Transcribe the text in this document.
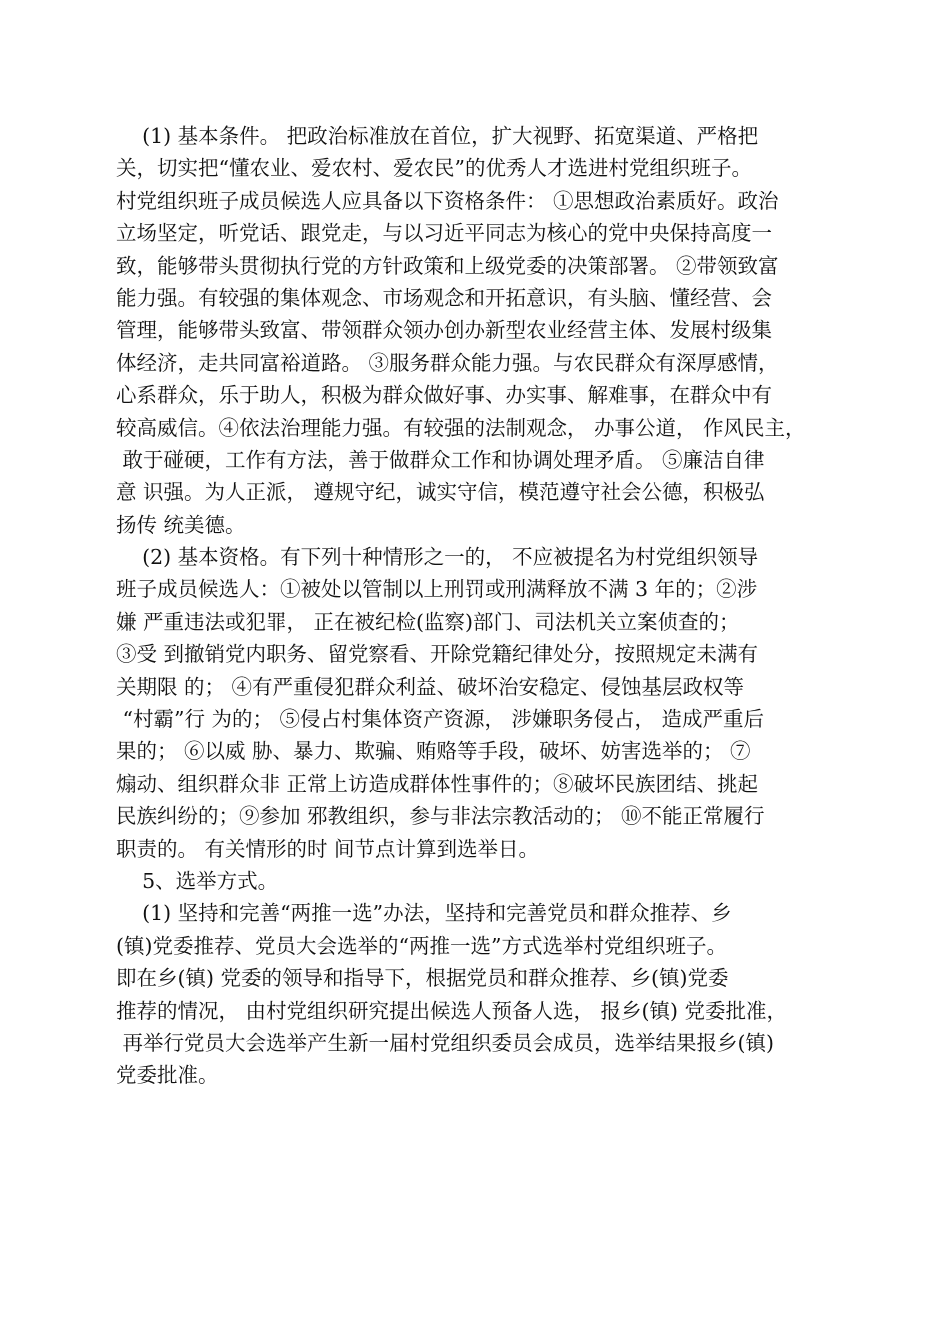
(1) 基本条件。 把政治标准放在首位，扩大视野、拓宽渠道、严格把
关，切实把“懂农业、爱农村、爱农民”的优秀人才选进村党组织班子。
村党组织班子成员候选人应具备以下资格条件： ①思想政治素质好。政治
立场坚定，听党话、跟党走，与以习近平同志为核心的党中央保持高度一
致，能够带头贯彻执行党的方针政策和上级党委的决策部署。 ②带领致富
能力强。有较强的集体观念、市场观念和开拓意识，有头脑、懂经营、会
管理，能够带头致富、带领群众领办创办新型农业经营主体、发展村级集
体经济，走共同富裕道路。 ③服务群众能力强。与农民群众有深厚感情，
心系群众，乐于助人，积极为群众做好事、办实事、解难事，在群众中有
较高威信。④依法治理能力强。有较强的法制观念， 办事公道， 作风民主，
敢于碰硬，工作有方法，善于做群众工作和协调处理矛盾。 ⑤廉洁自律
意 识强。为人正派， 遵规守纪，诚实守信，模范遵守社会公德，积极弘
扬传 统美德。
(2) 基本资格。有下列十种情形之一的， 不应被提名为村党组织领导
班子成员候选人：①被处以管制以上刑罚或刑满释放不满 3 年的；②涉
嫌 严重违法或犯罪， 正在被纪检(监察)部门、司法机关立案侦查的；
③受 到撤销党内职务、留党察看、开除党籍纪律处分，按照规定未满有
关期限 的； ④有严重侵犯群众利益、破坏治安稳定、侵蚀基层政权等
“村霸”行 为的； ⑤侵占村集体资产资源， 涉嫌职务侵占， 造成严重后
果的； ⑥以威 胁、暴力、欺骗、贿赂等手段，破坏、妨害选举的； ⑦
煽动、组织群众非 正常上访造成群体性事件的；⑧破坏民族团结、挑起
民族纠纷的；⑨参加 邪教组织，参与非法宗教活动的； ⑩不能正常履行
职责的。 有关情形的时 间节点计算到选举日。
5、选举方式。
(1) 坚持和完善“两推一选”办法，坚持和完善党员和群众推荐、乡
(镇)党委推荐、党员大会选举的“两推一选”方式选举村党组织班子。
即在乡(镇) 党委的领导和指导下，根据党员和群众推荐、乡(镇)党委
推荐的情况， 由村党组织研究提出候选人预备人选， 报乡(镇) 党委批准，
再举行党员大会选举产生新一届村党组织委员会成员，选举结果报乡(镇)
党委批准。
